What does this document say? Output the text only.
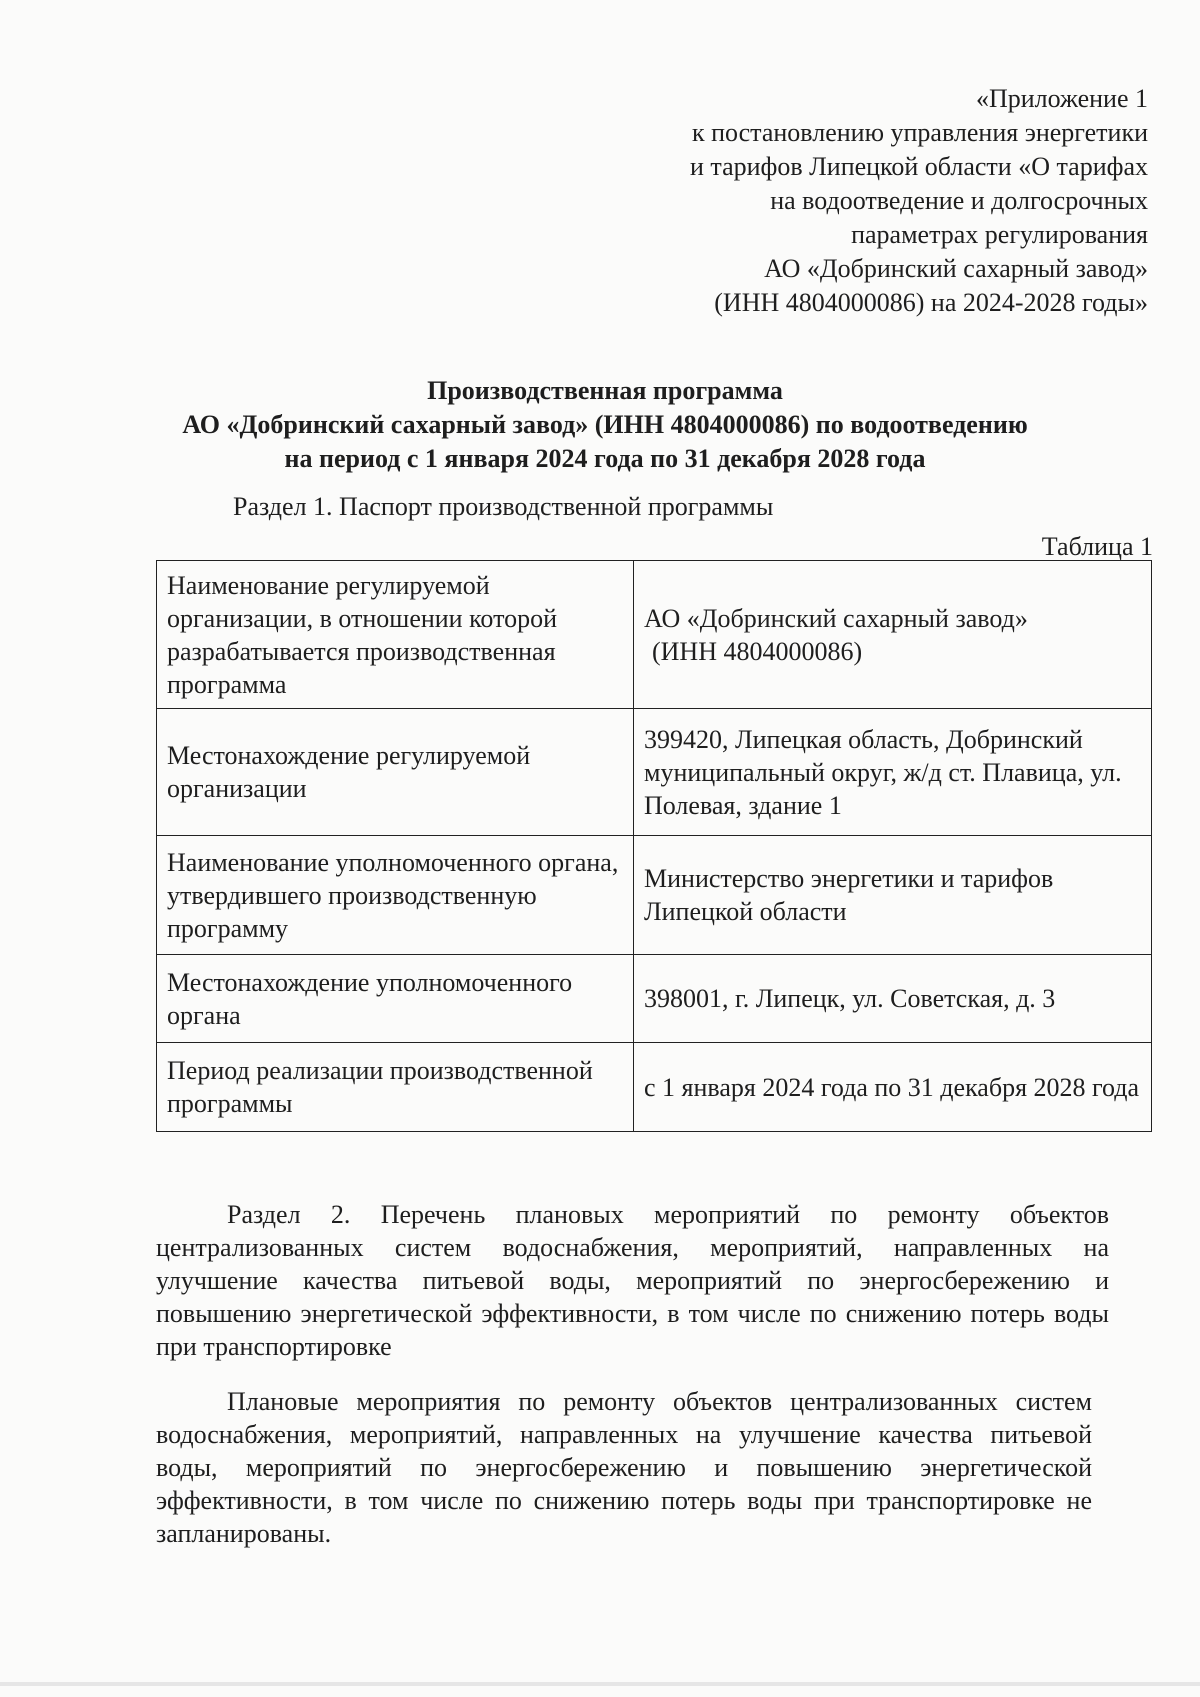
«Приложение 1
к постановлению управления энергетики
и тарифов Липецкой области «О тарифах
на водоотведение и долгосрочных
параметрах регулирования
АО «Добринский сахарный завод»
(ИНН 4804000086) на 2024-2028 годы»
Производственная программа
АО «Добринский сахарный завод» (ИНН 4804000086) по водоотведению
на период с 1 января 2024 года по 31 декабря 2028 года
Раздел 1. Паспорт производственной программы
Таблица 1
Наименование регулируемой организации, в отношении которой разрабатывается производственная программа	АО «Добринский сахарный завод»
(ИНН 4804000086)

Местонахождение регулируемой организации	399420, Липецкая область, Добринский муниципальный округ, ж/д ст. Плавица, ул. Полевая, здание 1
Наименование уполномоченного органа, утвердившего производственную программу	Министерство энергетики и тарифов Липецкой области
Местонахождение уполномоченного органа	398001, г. Липецк, ул. Советская, д. 3
Период реализации производственной программы	с 1 января 2024 года по 31 декабря 2028 года
Раздел 2. Перечень плановых мероприятий по ремонту объектов централизованных систем водоснабжения, мероприятий, направленных на улучшение качества питьевой воды, мероприятий по энергосбережению и повышению энергетической эффективности, в том числе по снижению потерь воды при транспортировке
Плановые мероприятия по ремонту объектов централизованных систем водоснабжения, мероприятий, направленных на улучшение качества питьевой воды, мероприятий по энергосбережению и повышению энергетической эффективности, в том числе по снижению потерь воды при транспортировке не запланированы.
